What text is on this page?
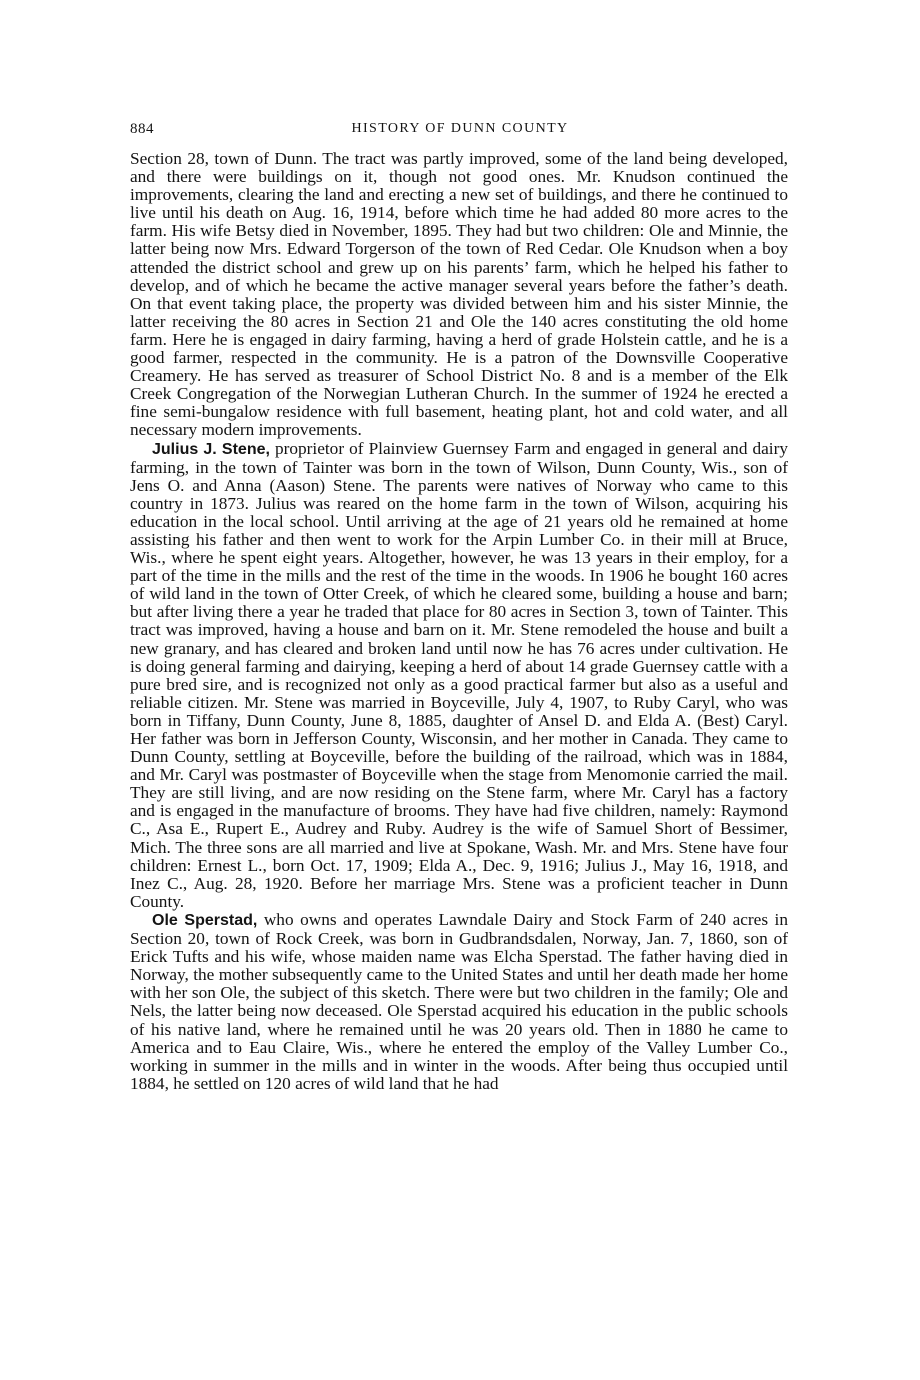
884	HISTORY OF DUNN COUNTY

Section 28, town of Dunn. The tract was partly improved, some of the land being developed, and there were buildings on it, though not good ones. Mr. Knudson continued the improvements, clearing the land and erecting a new set of buildings, and there he continued to live until his death on Aug. 16, 1914, before which time he had added 80 more acres to the farm. His wife Betsy died in November, 1895. They had but two children: Ole and Minnie, the latter being now Mrs. Edward Torgerson of the town of Red Cedar. Ole Knudson when a boy attended the district school and grew up on his parents’ farm, which he helped his father to develop, and of which he became the active manager several years before the father’s death. On that event taking place, the property was divided between him and his sister Minnie, the latter receiving the 80 acres in Section 21 and Ole the 140 acres constituting the old home farm. Here he is engaged in dairy farming, having a herd of grade Holstein cattle, and he is a good farmer, respected in the community. He is a patron of the Downsville Cooperative Creamery. He has served as treasurer of School District No. 8 and is a member of the Elk Creek Congregation of the Norwegian Lutheran Church. In the summer of 1924 he erected a fine semi-bungalow residence with full basement, heating plant, hot and cold water, and all necessary modern improvements.

Julius J. Stene, proprietor of Plainview Guernsey Farm and engaged in general and dairy farming, in the town of Tainter was born in the town of Wilson, Dunn County, Wis., son of Jens O. and Anna (Aason) Stene. The parents were natives of Norway who came to this country in 1873. Julius was reared on the home farm in the town of Wilson, acquiring his education in the local school. Until arriving at the age of 21 years old he remained at home assisting his father and then went to work for the Arpin Lumber Co. in their mill at Bruce, Wis., where he spent eight years. Altogether, however, he was 13 years in their employ, for a part of the time in the mills and the rest of the time in the woods. In 1906 he bought 160 acres of wild land in the town of Otter Creek, of which he cleared some, building a house and barn; but after living there a year he traded that place for 80 acres in Section 3, town of Tainter. This tract was improved, having a house and barn on it. Mr. Stene remodeled the house and built a new granary, and has cleared and broken land until now he has 76 acres under cultivation. He is doing general farming and dairying, keeping a herd of about 14 grade Guernsey cattle with a pure bred sire, and is recognized not only as a good practical farmer but also as a useful and reliable citizen. Mr. Stene was married in Boyceville, July 4, 1907, to Ruby Caryl, who was born in Tiffany, Dunn County, June 8, 1885, daughter of Ansel D. and Elda A. (Best) Caryl. Her father was born in Jefferson County, Wisconsin, and her mother in Canada. They came to Dunn County, settling at Boyceville, before the building of the railroad, which was in 1884, and Mr. Caryl was postmaster of Boyceville when the stage from Menomonie carried the mail. They are still living, and are now residing on the Stene farm, where Mr. Caryl has a factory and is engaged in the manufacture of brooms. They have had five children, namely: Raymond C., Asa E., Rupert E., Audrey and Ruby. Audrey is the wife of Samuel Short of Bessimer, Mich. The three sons are all married and live at Spokane, Wash. Mr. and Mrs. Stene have four children: Ernest L., born Oct. 17, 1909; Elda A., Dec. 9, 1916; Julius J., May 16, 1918, and Inez C., Aug. 28, 1920. Before her marriage Mrs. Stene was a proficient teacher in Dunn County.

Ole Sperstad, who owns and operates Lawndale Dairy and Stock Farm of 240 acres in Section 20, town of Rock Creek, was born in Gudbrandsdalen, Norway, Jan. 7, 1860, son of Erick Tufts and his wife, whose maiden name was Elcha Sperstad. The father having died in Norway, the mother subsequently came to the United States and until her death made her home with her son Ole, the subject of this sketch. There were but two children in the family; Ole and Nels, the latter being now deceased. Ole Sperstad acquired his education in the public schools of his native land, where he remained until he was 20 years old. Then in 1880 he came to America and to Eau Claire, Wis., where he entered the employ of the Valley Lumber Co., working in summer in the mills and in winter in the woods. After being thus occupied until 1884, he settled on 120 acres of wild land that he had
